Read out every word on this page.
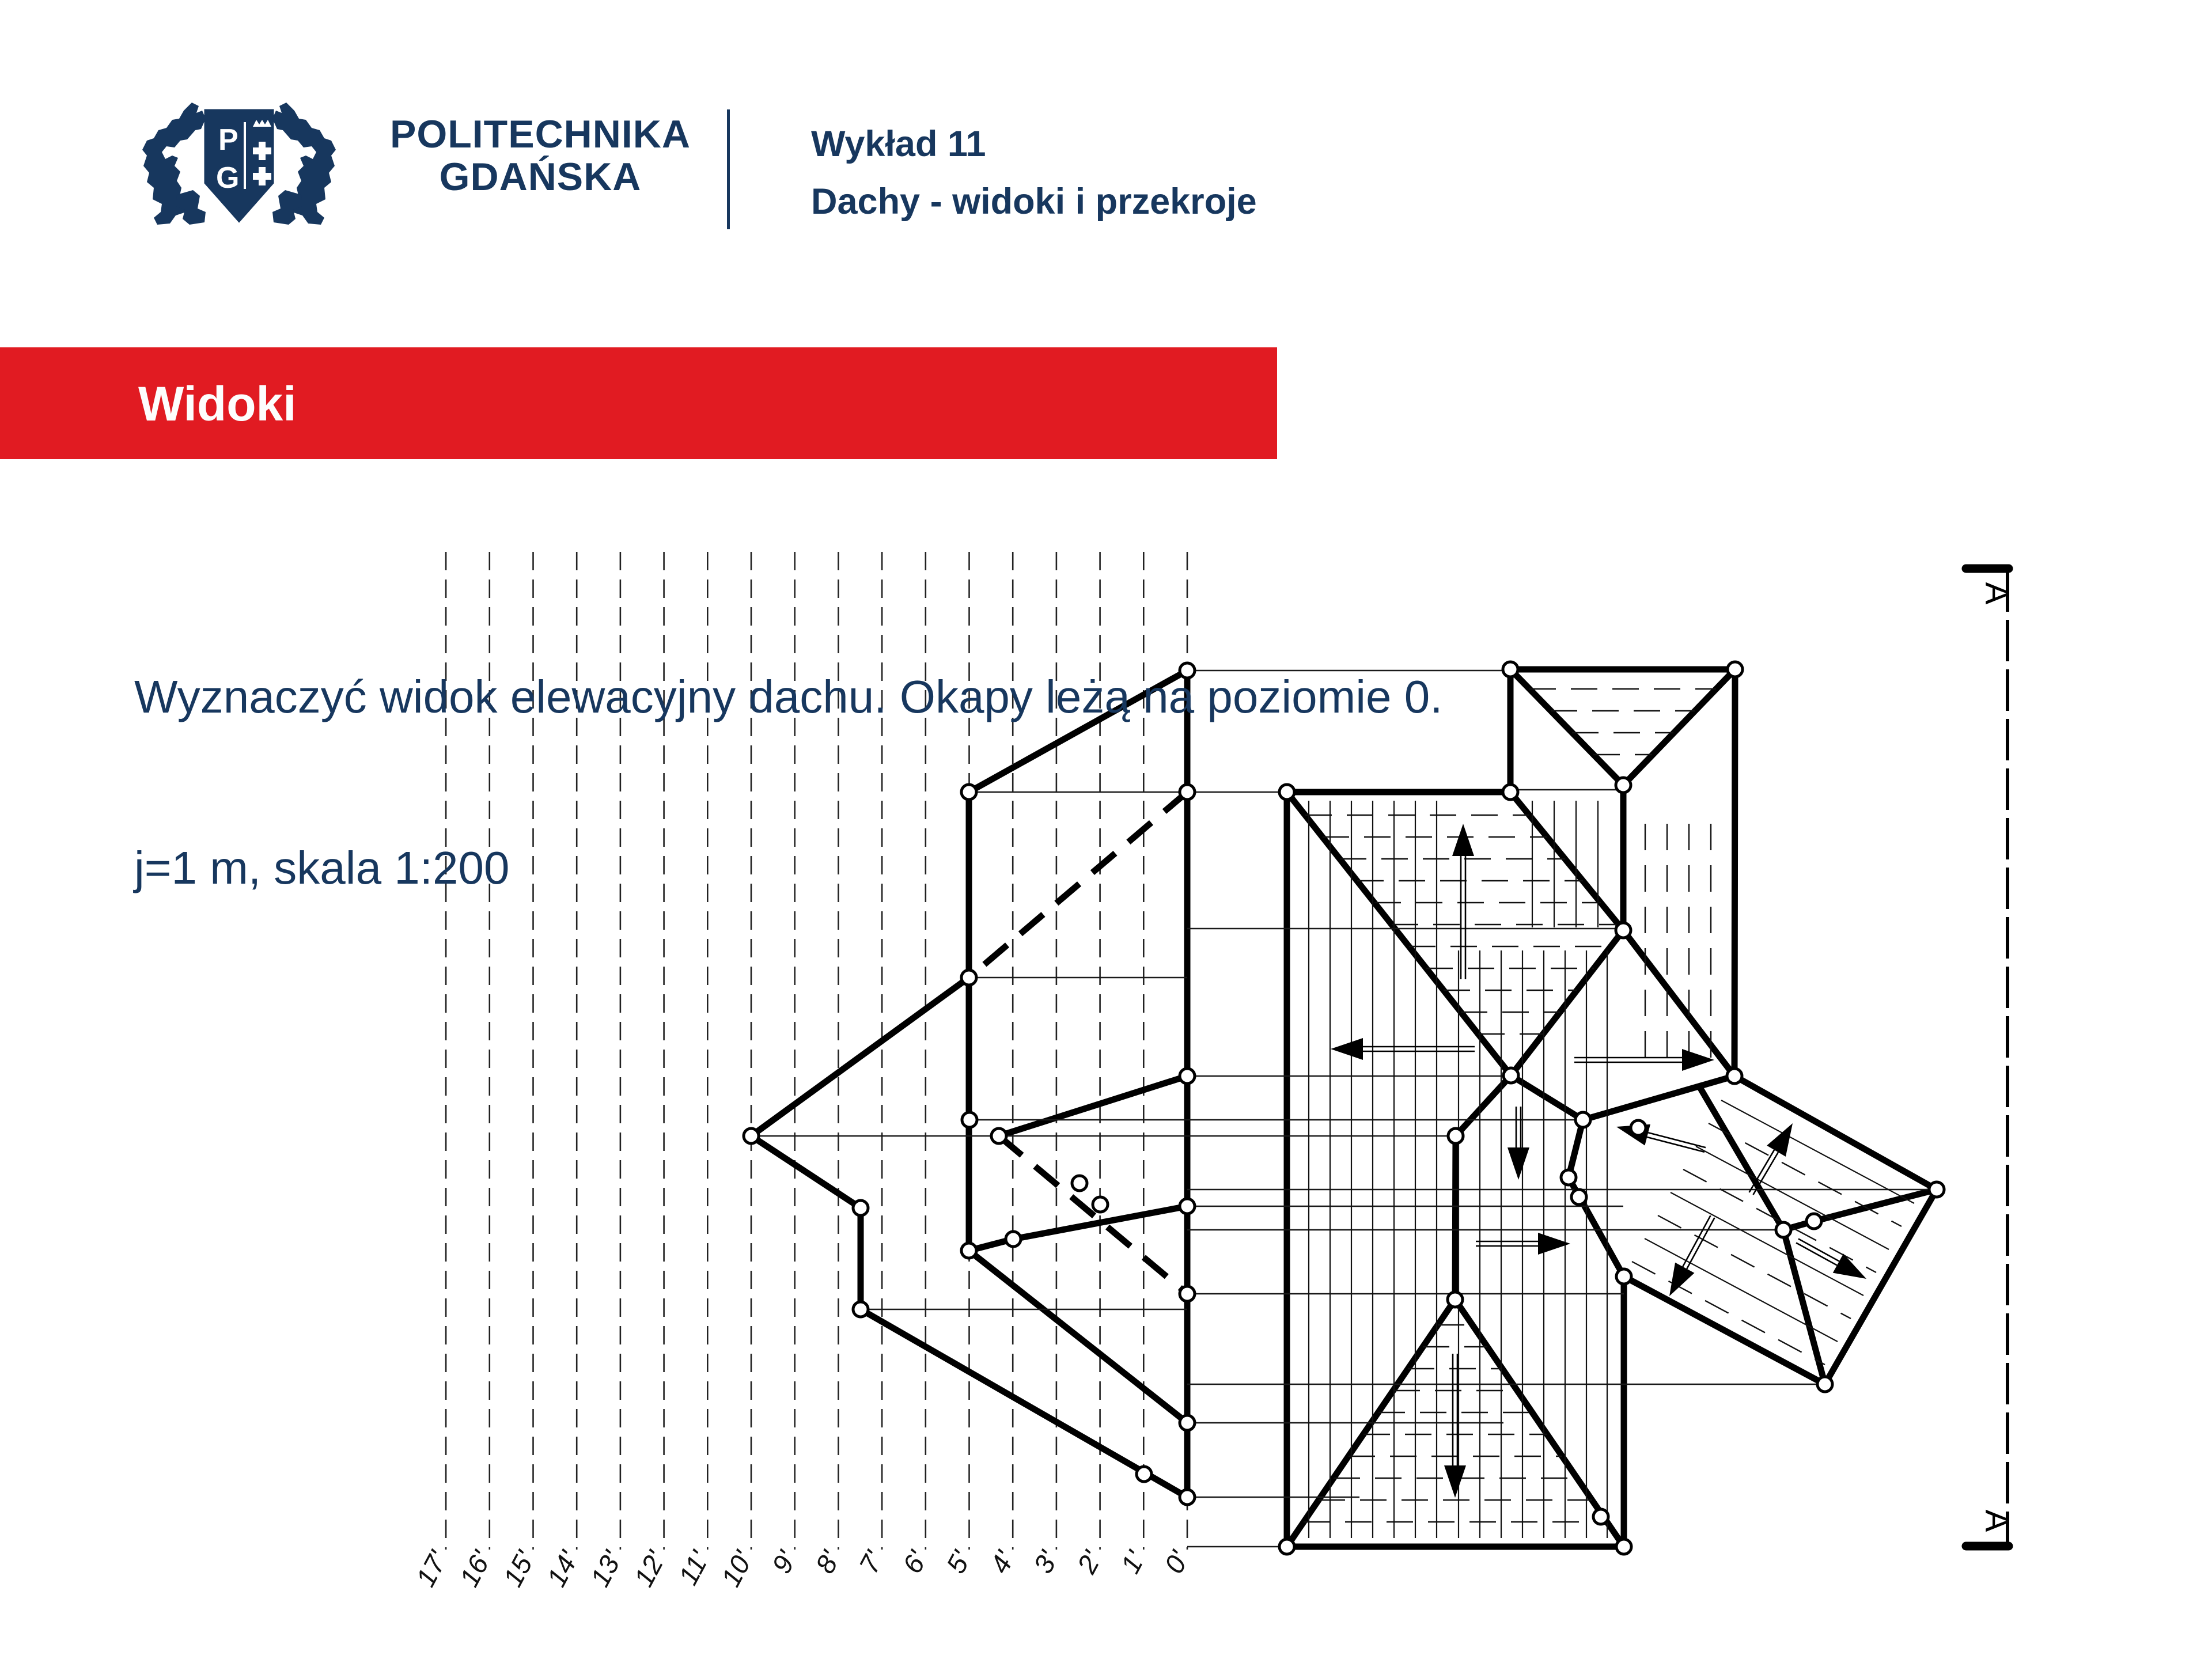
0'
1'
2'
3'
4'
5'
6'
7'
8'
9'
10'
11'
12'
13'
14'
15'
16'
17'
A
A
P
G
POLITECHNIKA
GDAŃSKA
Wykład 11
Dachy - widoki i przekroje
Widoki

Wyznaczyć widok elewacyjny dachu. Okapy leżą na poziomie 0.

j=1 m, skala 1:200
